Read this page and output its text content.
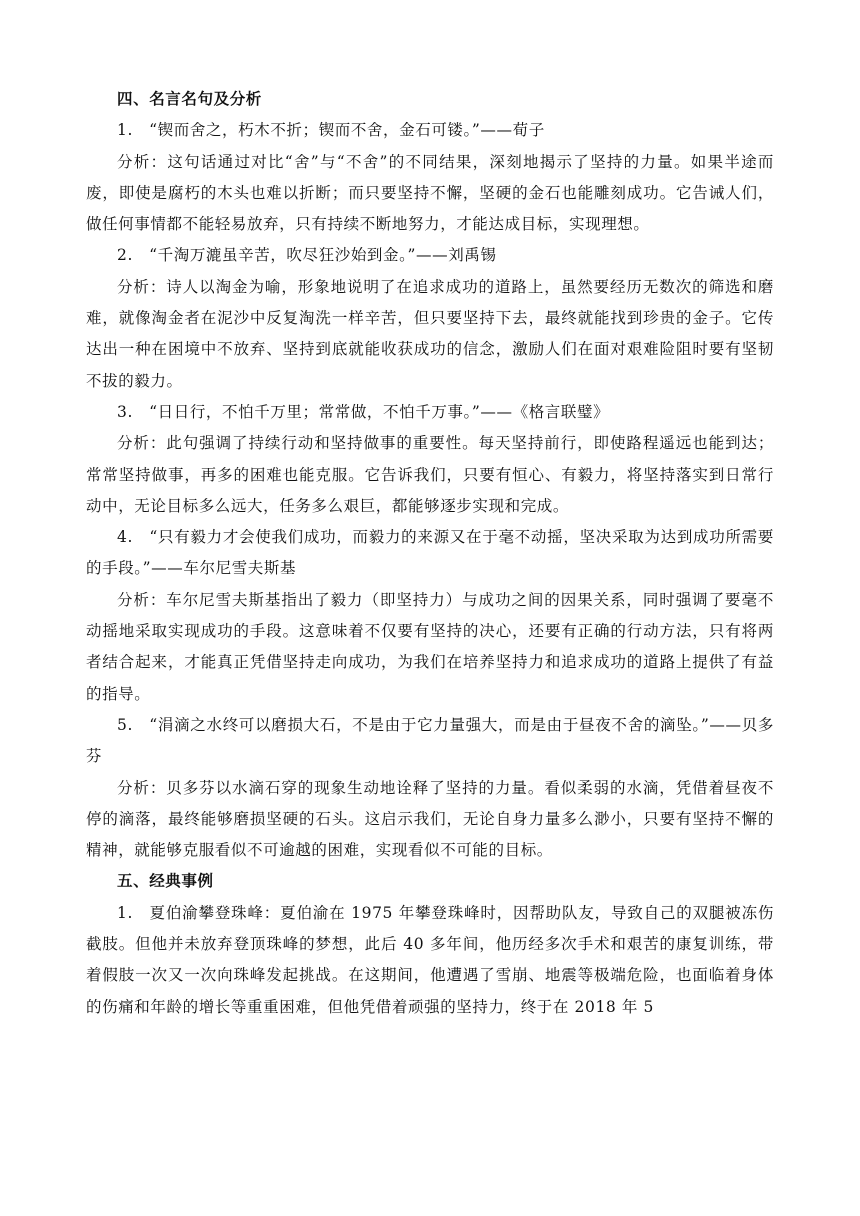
四、名言名句及分析

1.　“锲而舍之，朽木不折；锲而不舍，金石可镂。”——荀子

分析：这句话通过对比“舍”与“不舍”的不同结果，深刻地揭示了坚持的力量。如果半途而废，即使是腐朽的木头也难以折断；而只要坚持不懈，坚硬的金石也能雕刻成功。它告诫人们，做任何事情都不能轻易放弃，只有持续不断地努力，才能达成目标，实现理想。

2.　“千淘万漉虽辛苦，吹尽狂沙始到金。”——刘禹锡

分析：诗人以淘金为喻，形象地说明了在追求成功的道路上，虽然要经历无数次的筛选和磨难，就像淘金者在泥沙中反复淘洗一样辛苦，但只要坚持下去，最终就能找到珍贵的金子。它传达出一种在困境中不放弃、坚持到底就能收获成功的信念，激励人们在面对艰难险阻时要有坚韧不拔的毅力。

3.　“日日行，不怕千万里；常常做，不怕千万事。”——《格言联璧》

分析：此句强调了持续行动和坚持做事的重要性。每天坚持前行，即使路程遥远也能到达；常常坚持做事，再多的困难也能克服。它告诉我们，只要有恒心、有毅力，将坚持落实到日常行动中，无论目标多么远大，任务多么艰巨，都能够逐步实现和完成。

4.　“只有毅力才会使我们成功，而毅力的来源又在于毫不动摇，坚决采取为达到成功所需要的手段。”——车尔尼雪夫斯基

分析：车尔尼雪夫斯基指出了毅力（即坚持力）与成功之间的因果关系，同时强调了要毫不动摇地采取实现成功的手段。这意味着不仅要有坚持的决心，还要有正确的行动方法，只有将两者结合起来，才能真正凭借坚持走向成功，为我们在培养坚持力和追求成功的道路上提供了有益的指导。

5.　“涓滴之水终可以磨损大石，不是由于它力量强大，而是由于昼夜不舍的滴坠。”——贝多芬

分析：贝多芬以水滴石穿的现象生动地诠释了坚持的力量。看似柔弱的水滴，凭借着昼夜不停的滴落，最终能够磨损坚硬的石头。这启示我们，无论自身力量多么渺小，只要有坚持不懈的精神，就能够克服看似不可逾越的困难，实现看似不可能的目标。

五、经典事例

1.　夏伯渝攀登珠峰：夏伯渝在 1975 年攀登珠峰时，因帮助队友，导致自己的双腿被冻伤截肢。但他并未放弃登顶珠峰的梦想，此后 40 多年间，他历经多次手术和艰苦的康复训练，带着假肢一次又一次向珠峰发起挑战。在这期间，他遭遇了雪崩、地震等极端危险，也面临着身体的伤痛和年龄的增长等重重困难，但他凭借着顽强的坚持力，终于在 2018 年 5
